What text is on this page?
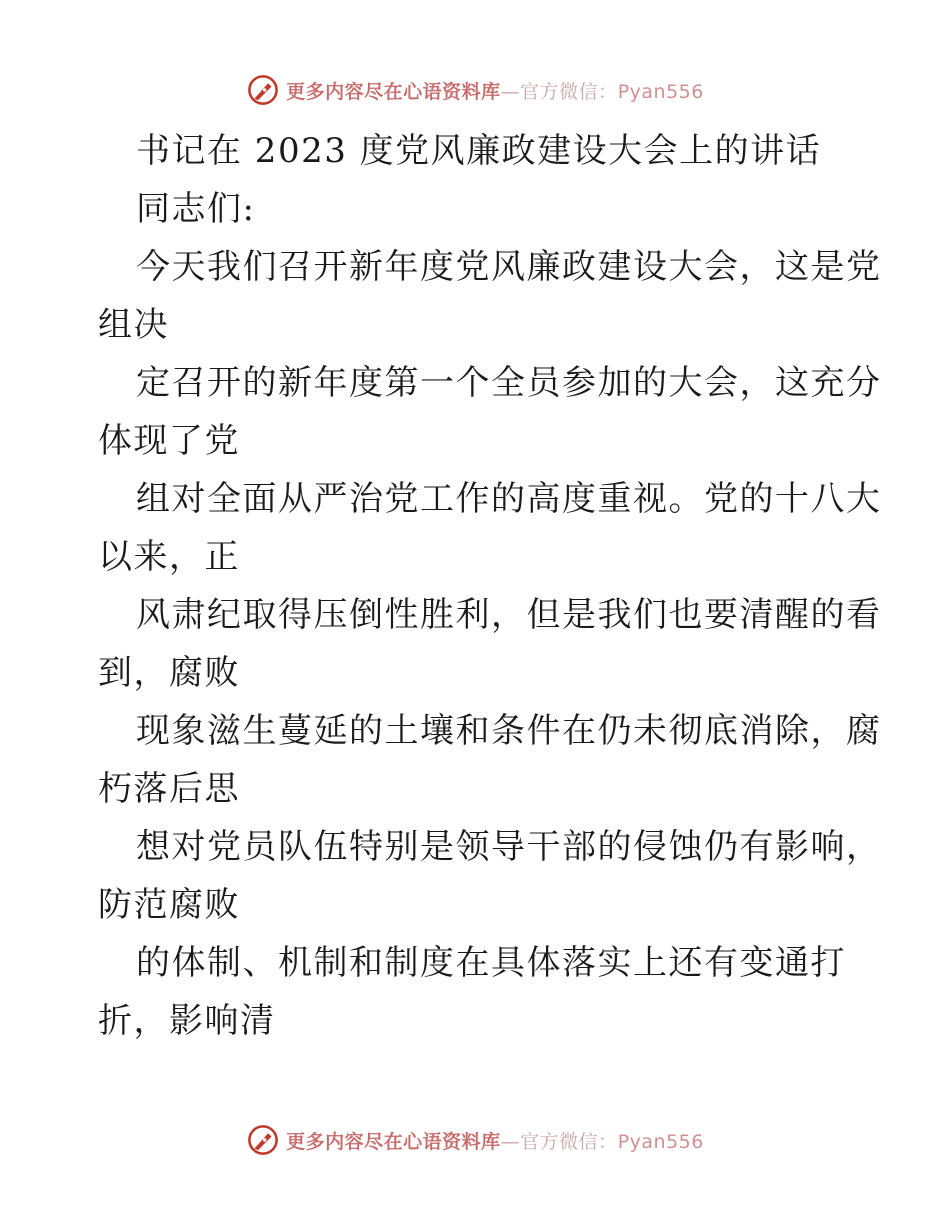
更多内容尽在心语资料库—官方微信：Pyan556
书记在 2023 度党风廉政建设大会上的讲话
同志们:
今天我们召开新年度党风廉政建设大会，这是党
组决
定召开的新年度第一个全员参加的大会，这充分
体现了党
组对全面从严治党工作的高度重视。党的十八大
以来，正
风肃纪取得压倒性胜利，但是我们也要清醒的看
到，腐败
现象滋生蔓延的土壤和条件在仍未彻底消除，腐
朽落后思
想对党员队伍特别是领导干部的侵蚀仍有影响，
防范腐败
的体制、机制和制度在具体落实上还有变通打
折，影响清
更多内容尽在心语资料库—官方微信：Pyan556
